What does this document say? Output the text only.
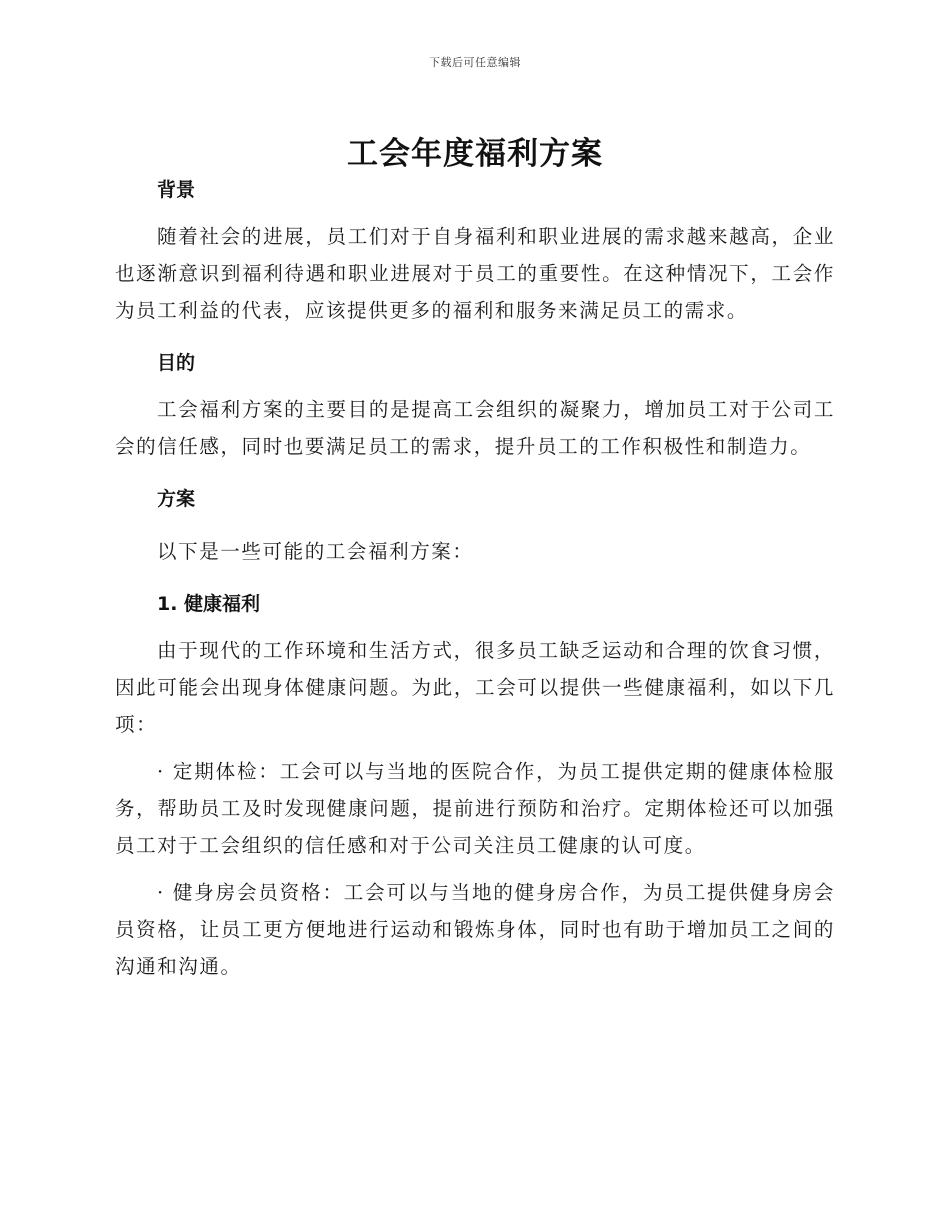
下载后可任意编辑
工会年度福利方案
背景

随着社会的进展，员工们对于自身福利和职业进展的需求越来越高，企业也逐渐意识到福利待遇和职业进展对于员工的重要性。在这种情况下，工会作为员工利益的代表，应该提供更多的福利和服务来满足员工的需求。

目的

工会福利方案的主要目的是提高工会组织的凝聚力，增加员工对于公司工会的信任感，同时也要满足员工的需求，提升员工的工作积极性和制造力。

方案

以下是一些可能的工会福利方案：

1. 健康福利

由于现代的工作环境和生活方式，很多员工缺乏运动和合理的饮食习惯，因此可能会出现身体健康问题。为此，工会可以提供一些健康福利，如以下几项：

· 定期体检：工会可以与当地的医院合作，为员工提供定期的健康体检服务，帮助员工及时发现健康问题，提前进行预防和治疗。定期体检还可以加强员工对于工会组织的信任感和对于公司关注员工健康的认可度。

· 健身房会员资格：工会可以与当地的健身房合作，为员工提供健身房会员资格，让员工更方便地进行运动和锻炼身体，同时也有助于增加员工之间的沟通和沟通。
